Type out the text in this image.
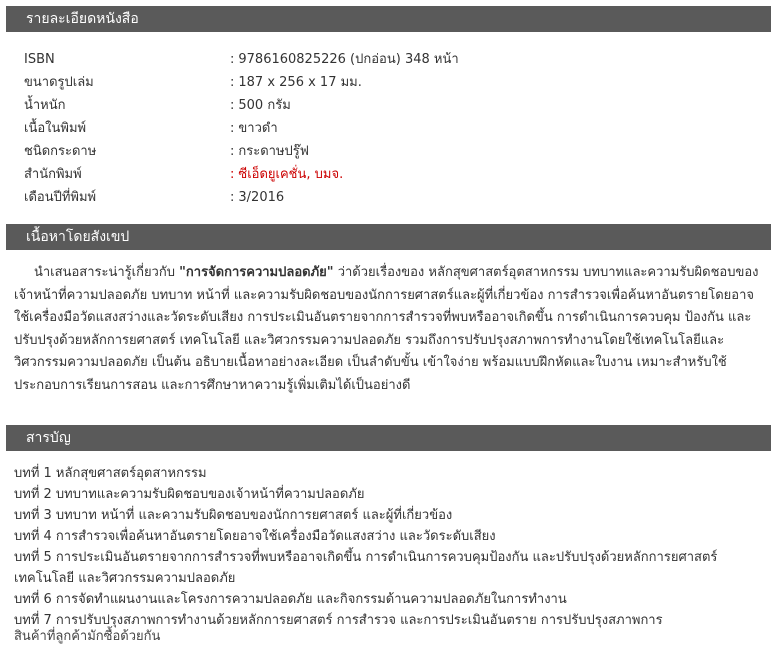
รายละเอียดหนังสือ
ISBN	: 9786160825226 (ปกอ่อน) 348 หน้า
ขนาดรูปเล่ม	: 187 x 256 x 17 มม.
น้ำหนัก	: 500 กรัม
เนื้อในพิมพ์	: ขาวดำ
ชนิดกระดาษ	: กระดาษปรู๊ฟ
สำนักพิมพ์	: ซีเอ็ดยูเคชั่น, บมจ.
เดือนปีที่พิมพ์	: 3/2016
เนื้อหาโดยสังเขป

นำเสนอสาระน่ารู้เกี่ยวกับ "การจัดการความปลอดภัย" ว่าด้วยเรื่องของ หลักสุขศาสตร์อุตสาหกรรม บทบาทและความรับผิดชอบของเจ้าหน้าที่ความปลอดภัย บทบาท หน้าที่ และความรับผิดชอบของนักการยศาสตร์และผู้ที่เกี่ยวข้อง การสำรวจเพื่อค้นหาอันตรายโดยอาจใช้เครื่องมือวัดแสงสว่างและวัดระดับเสียง การประเมินอันตรายจากการสำรวจที่พบหรืออาจเกิดขึ้น การดำเนินการควบคุม ป้องกัน และปรับปรุงด้วยหลักการยศาสตร์ เทคโนโลยี และวิศวกรรมความปลอดภัย รวมถึงการปรับปรุงสภาพการทำงานโดยใช้เทคโนโลยีและวิศวกรรมความปลอดภัย เป็นต้น อธิบายเนื้อหาอย่างละเอียด เป็นลำดับขั้น เข้าใจง่าย พร้อมแบบฝึกหัดและใบงาน เหมาะสำหรับใช้ประกอบการเรียนการสอน และการศึกษาหาความรู้เพิ่มเติมได้เป็นอย่างดี

สารบัญ
บทที่ 1 หลักสุขศาสตร์อุตสาหกรรม
บทที่ 2 บทบาทและความรับผิดชอบของเจ้าหน้าที่ความปลอดภัย
บทที่ 3 บทบาท หน้าที่ และความรับผิดชอบของนักการยศาสตร์ และผู้ที่เกี่ยวข้อง
บทที่ 4 การสำรวจเพื่อค้นหาอันตรายโดยอาจใช้เครื่องมือวัดแสงสว่าง และวัดระดับเสียง
บทที่ 5 การประเมินอันตรายจากการสำรวจที่พบหรืออาจเกิดขึ้น การดำเนินการควบคุมป้องกัน และปรับปรุงด้วยหลักการยศาสตร์ เทคโนโลยี และวิศวกรรมความปลอดภัย
บทที่ 6 การจัดทำแผนงานและโครงการความปลอดภัย และกิจกรรมด้านความปลอดภัยในการทำงาน
บทที่ 7 การปรับปรุงสภาพการทำงานด้วยหลักการยศาสตร์ การสำรวจ และการประเมินอันตราย การปรับปรุงสภาพการ
สินค้าที่ลูกค้ามักซื้อด้วยกัน
